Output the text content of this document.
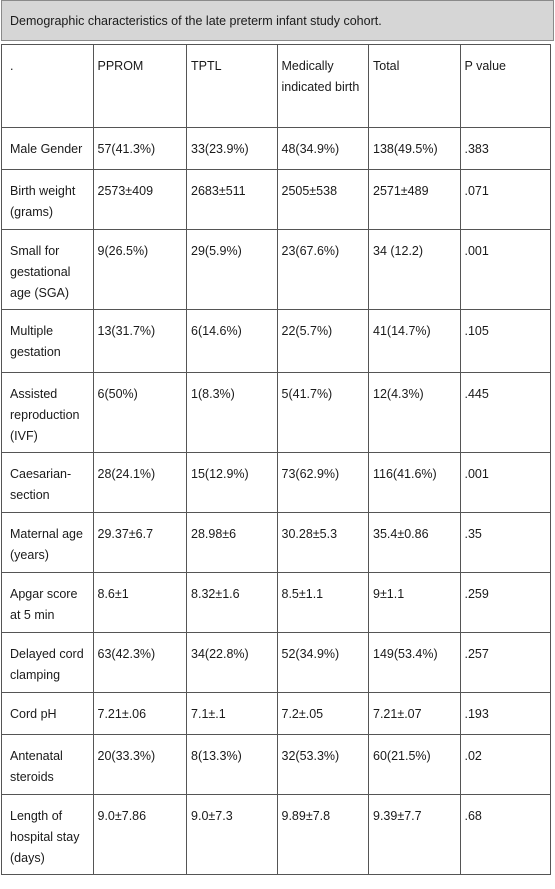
Demographic characteristics of the late preterm infant study cohort.
.	PPROM	TPTL	Medically indicated birth	Total	P value
Male Gender	57(41.3%)	33(23.9%)	48(34.9%)	138(49.5%)	.383
Birth weight (grams)	2573±409	2683±511	2505±538	2571±489	.071
Small for gestational age (SGA)	9(26.5%)	29(5.9%)	23(67.6%)	34 (12.2)	.001
Multiple gestation	13(31.7%)	6(14.6%)	22(5.7%)	41(14.7%)	.105
Assisted reproduction (IVF)	6(50%)	1(8.3%)	5(41.7%)	12(4.3%)	.445
Caesarian-section	28(24.1%)	15(12.9%)	73(62.9%)	116(41.6%)	.001
Maternal age (years)	29.37±6.7	28.98±6	30.28±5.3	35.4±0.86	.35
Apgar score at 5 min	8.6±1	8.32±1.6	8.5±1.1	9±1.1	.259
Delayed cord clamping	63(42.3%)	34(22.8%)	52(34.9%)	149(53.4%)	.257
Cord pH	7.21±.06	7.1±.1	7.2±.05	7.21±.07	.193
Antenatal steroids	20(33.3%)	8(13.3%)	32(53.3%)	60(21.5%)	.02
Length of hospital stay (days)	9.0±7.86	9.0±7.3	9.89±7.8	9.39±7.7	.68
